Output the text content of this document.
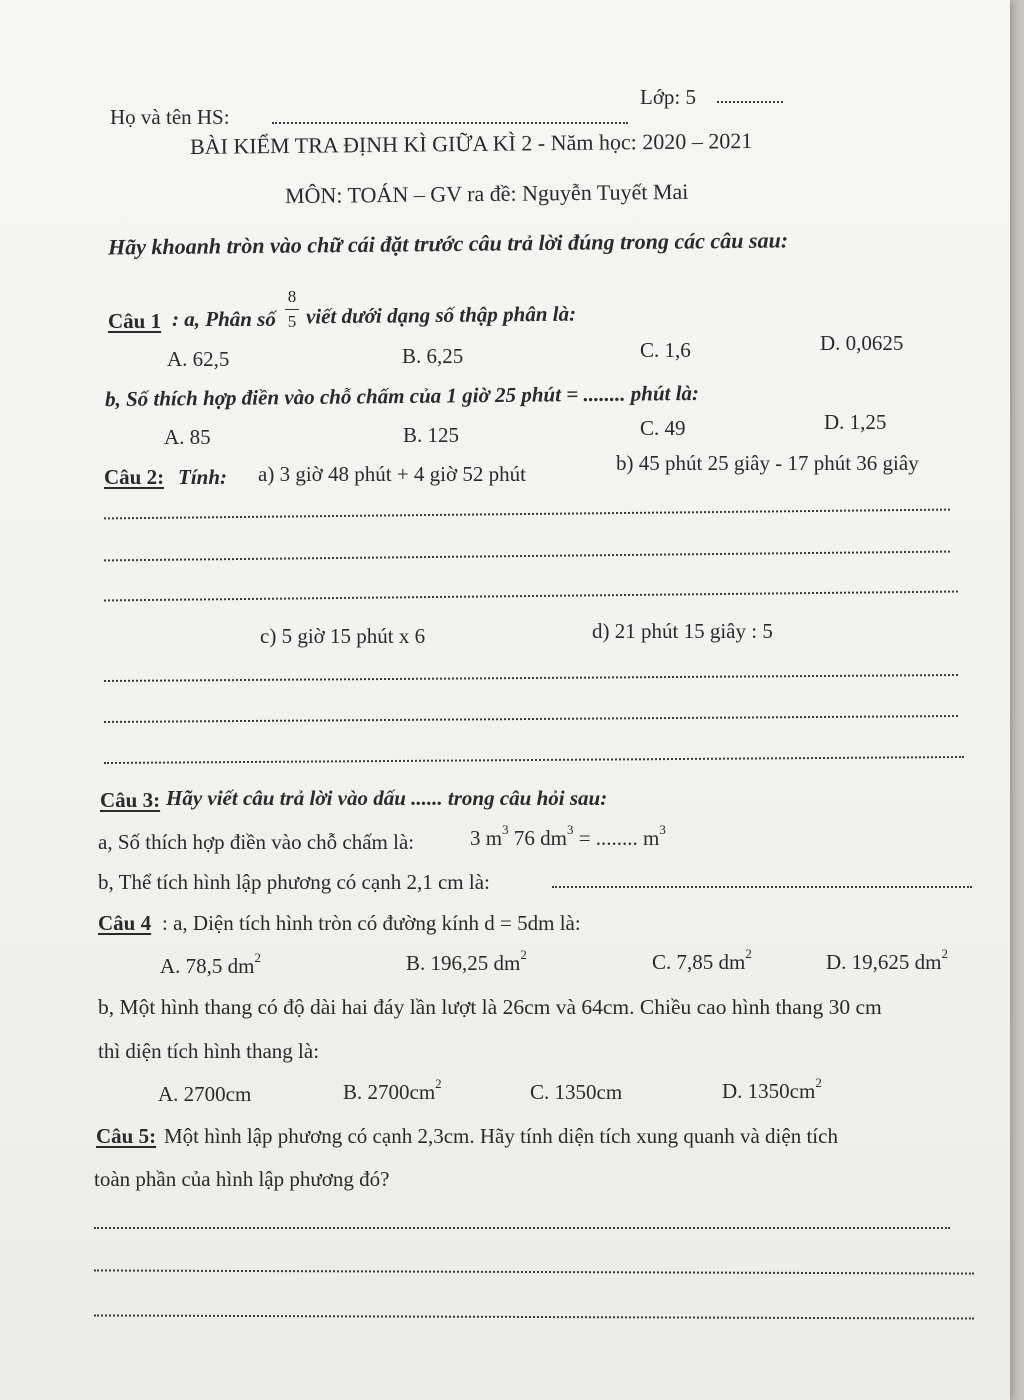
Họ và tên HS:
Lớp: 5
BÀI KIỂM TRA ĐỊNH KÌ GIỮA KÌ 2 - Năm học: 2020 – 2021
MÔN: TOÁN – GV ra đề: Nguyễn Tuyết Mai
Hãy khoanh tròn vào chữ cái đặt trước câu trả lời đúng trong các câu sau:
Câu 1 : a, Phân số
8
5 viết dưới dạng số thập phân là:
A. 62,5	B. 6,25	C. 1,6	D. 0,0625
b, Số thích hợp điền vào chỗ chấm của 1 giờ 25 phút = ........ phút là:
A. 85	B. 125	C. 49	D. 1,25
Câu 2: Tính: a) 3 giờ 48 phút + 4 giờ 52 phút	b) 45 phút 25 giây - 17 phút 36 giây
c) 5 giờ 15 phút x 6	d) 21 phút 15 giây : 5
Câu 3: Hãy viết câu trả lời vào dấu ...... trong câu hỏi sau:
a, Số thích hợp điền vào chỗ chấm là:	3 $m^3$ 76 $dm^3$ = ........ $m^3$
b, Thể tích hình lập phương có cạnh 2,1 cm là:
Câu 4 : a, Diện tích hình tròn có đường kính d = 5dm là:
A. 78,5 $dm^2$	B. 196,25 $dm^2$	C. 7,85 $dm^2$	D. 19,625 $dm^2$
b, Một hình thang có độ dài hai đáy lần lượt là 26cm và 64cm. Chiều cao hình thang 30 cm
thì diện tích hình thang là:
A. 2700cm	B. $2700cm^2$	C. 1350cm	D. $1350cm^2$
Câu 5: Một hình lập phương có cạnh 2,3cm. Hãy tính diện tích xung quanh và diện tích
toàn phần của hình lập phương đó?
